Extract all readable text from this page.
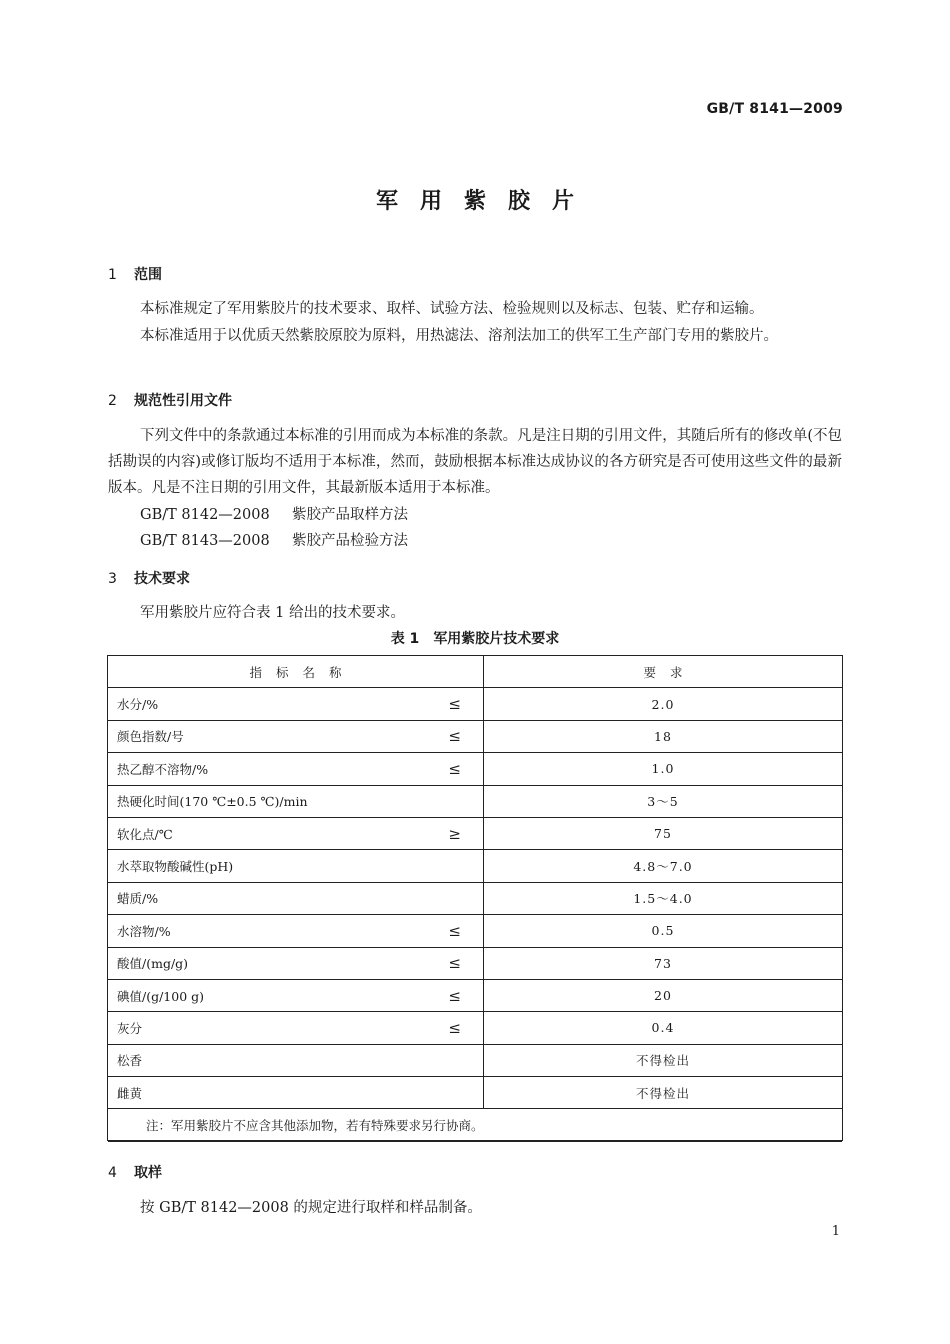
GB/T 8141—2009
军用紫胶片
1 范围
本标准规定了军用紫胶片的技术要求、取样、试验方法、检验规则以及标志、包装、贮存和运输。
本标准适用于以优质天然紫胶原胶为原料，用热滤法、溶剂法加工的供军工生产部门专用的紫胶片。
2 规范性引用文件
下列文件中的条款通过本标准的引用而成为本标准的条款。凡是注日期的引用文件，其随后所有的修改单(不包括勘误的内容)或修订版均不适用于本标准，然而，鼓励根据本标准达成协议的各方研究是否可使用这些文件的最新版本。凡是不注日期的引用文件，其最新版本适用于本标准。
GB/T 8142—2008 紫胶产品取样方法
GB/T 8143—2008 紫胶产品检验方法
3 技术要求
军用紫胶片应符合表 1 给出的技术要求。
表 1 军用紫胶片技术要求
指标名称	要求
水分/% ≤	2.0
颜色指数/号 ≤	18
热乙醇不溶物/% ≤	1.0
热硬化时间(170 ℃±0.5 ℃)/min	3～5
软化点/℃ ≥	75
水萃取物酸碱性(pH)	4.8～7.0
蜡质/%	1.5～4.0
水溶物/% ≤	0.5
酸值/(mg/g) ≤	73
碘值/(g/100 g) ≤	20
灰分 ≤	0.4
松香	不得检出
雌黄	不得检出
注：军用紫胶片不应含其他添加物，若有特殊要求另行协商。	
4 取样
按 GB/T 8142—2008 的规定进行取样和样品制备。
1
